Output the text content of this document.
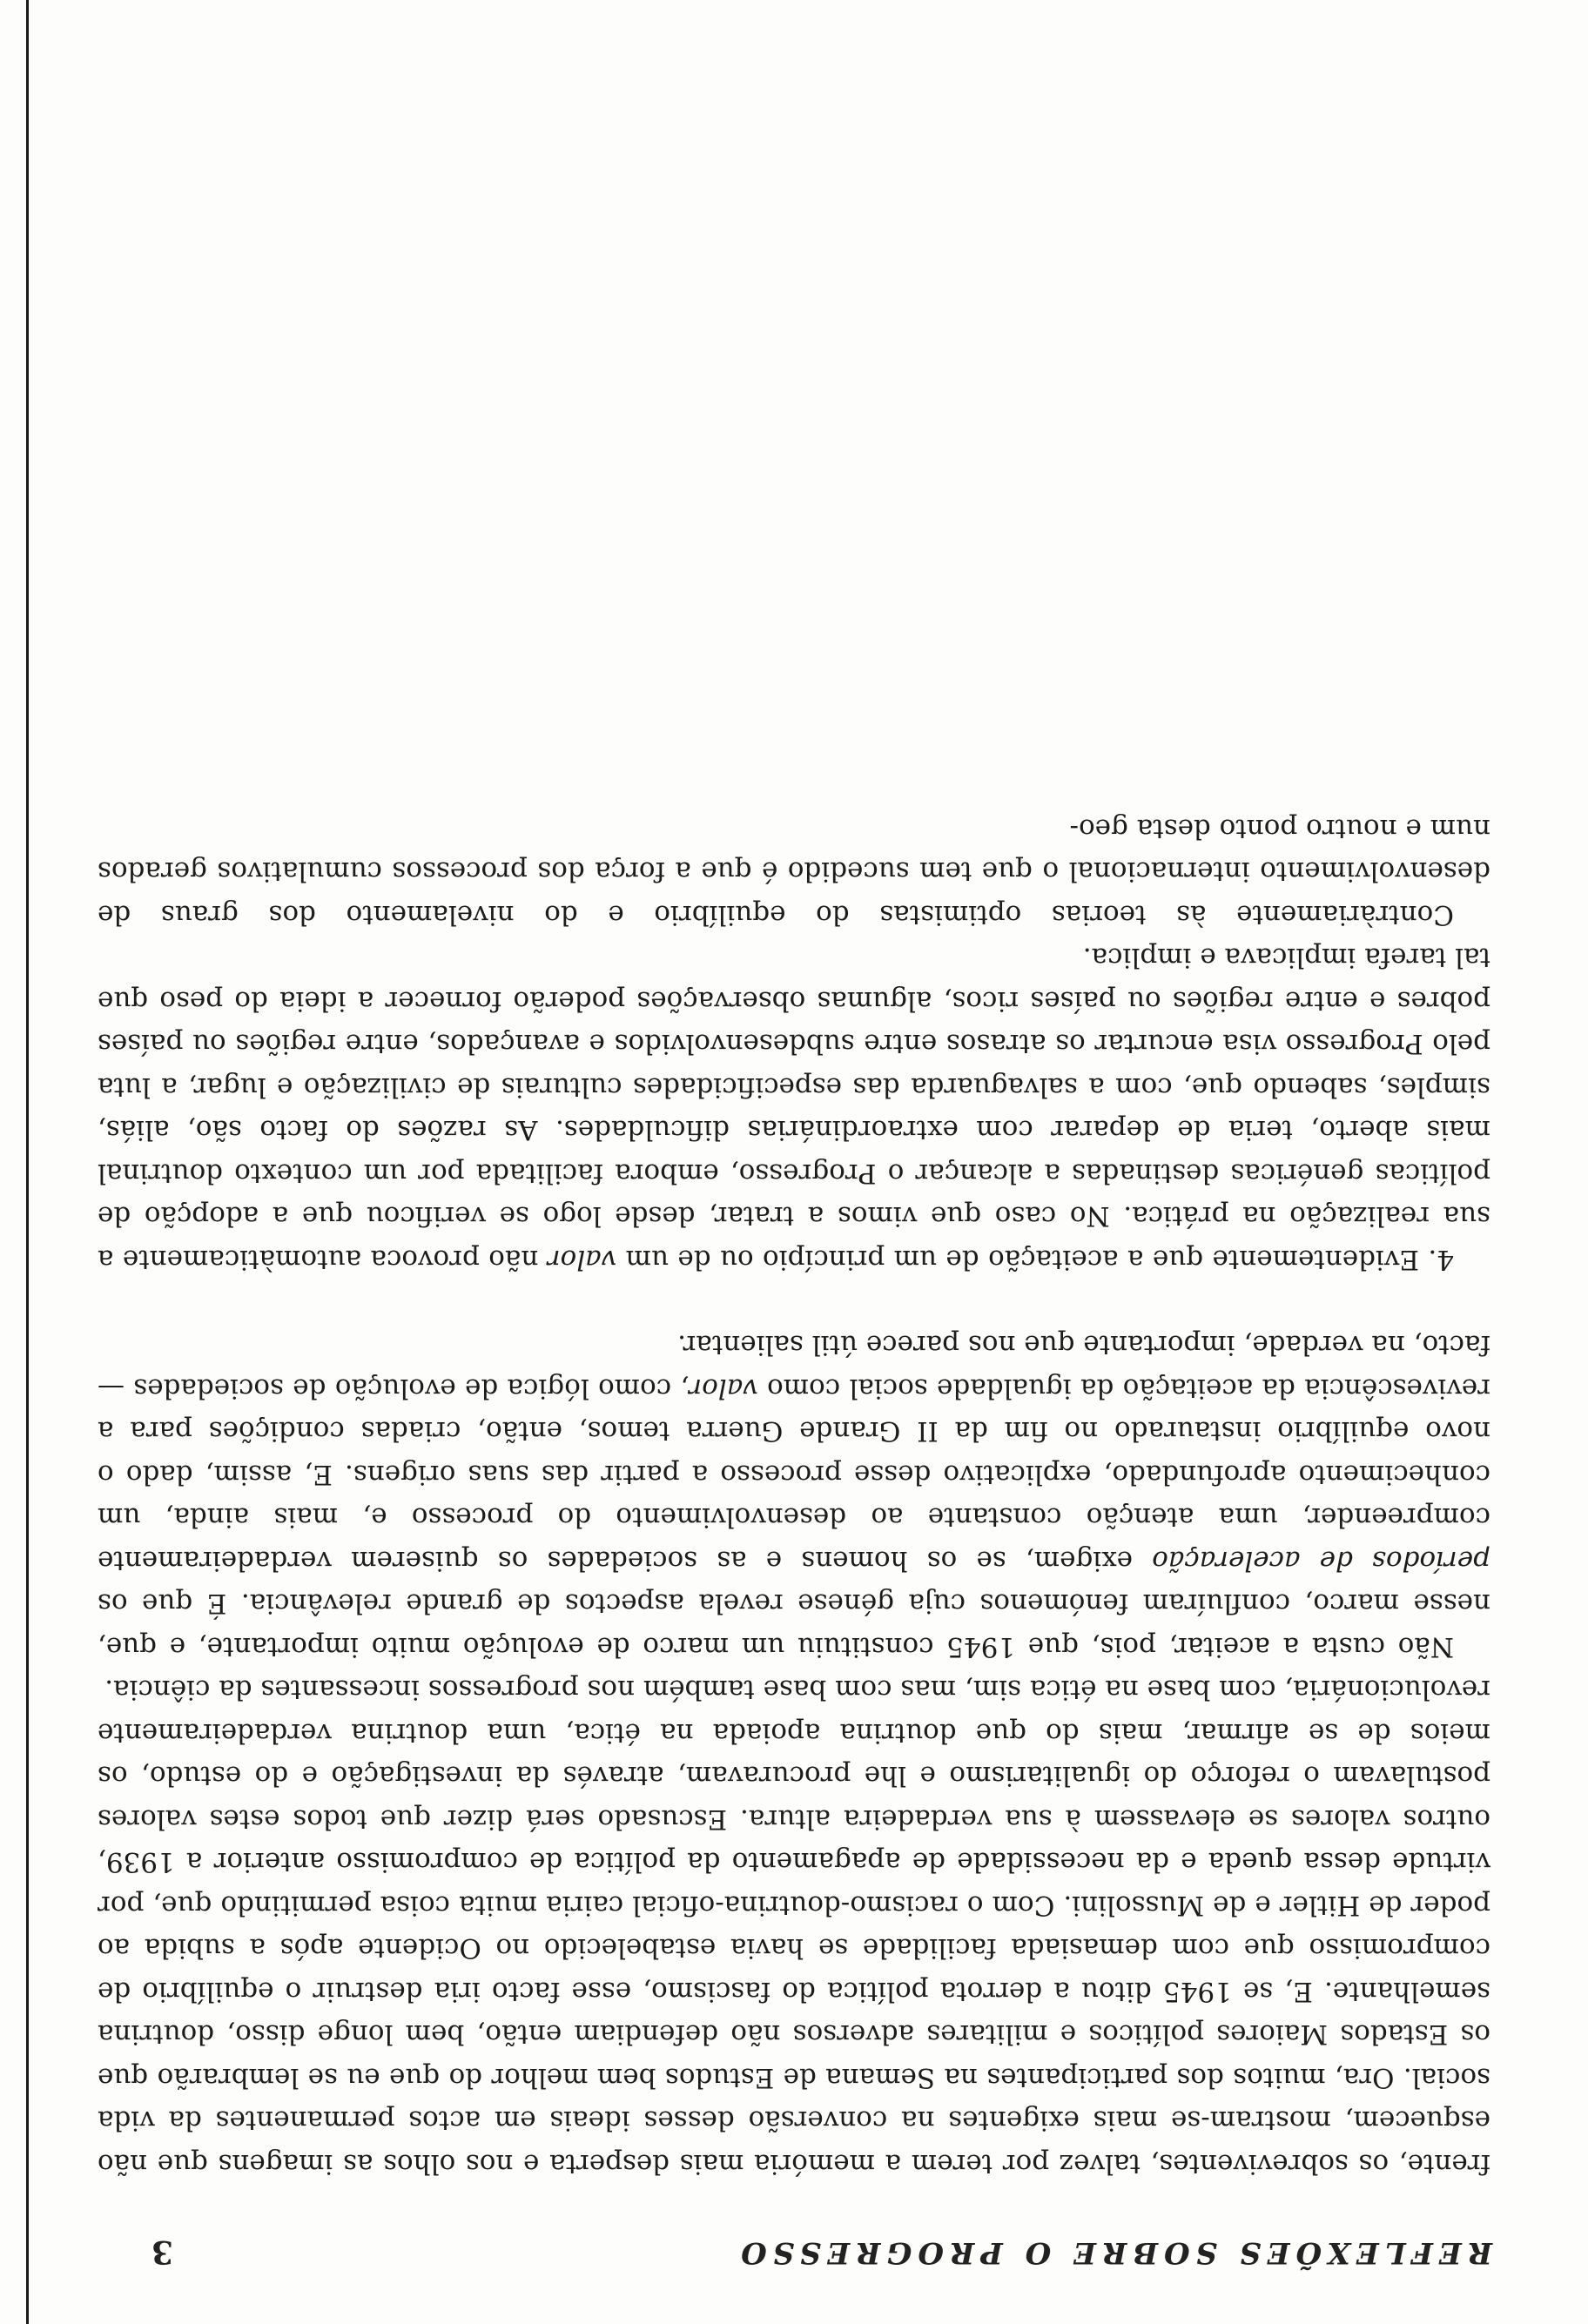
REFLEXÕES SOBRE O PROGRESSO
3

frente, os sobreviventes, talvez por terem a memória mais desperta e nos olhos as imagens que não esquecem, mostram-se mais exigentes na conversão desses ideais em actos permanentes da vida social. Ora, muitos dos participantes na Semana de Estudos bem melhor do que eu se lembrarão que os Estados Maiores políticos e militares adversos não defendiam então, bem longe disso, doutrina semelhante. E, se 1945 ditou a derrota política do fascismo, esse facto iria destruir o equilíbrio de compromisso que com demasiada facilidade se havia estabelecido no Ocidente após a subida ao poder de Hitler e de Mussolini. Com o racismo-doutrina-oficial cairia muita coisa permitindo que, por virtude dessa queda e da necessidade de apagamento da política de compromisso anterior a 1939, outros valores se elevassem à sua verdadeira altura. Escusado será dizer que todos estes valores postulavam o reforço do igualitarismo e lhe procuravam, através da investigação e do estudo, os meios de se afirmar, mais do que doutrina apoiada na ética, uma doutrina verdadeiramente revolucionária, com base na ética sim, mas com base também nos progressos incessantes da ciência.

Não custa a aceitar, pois, que 1945 constituiu um marco de evolução muito importante, e que, nesse marco, confluíram fenómenos cuja génese revela aspectos de grande relevância. É que os períodos de aceleração exigem, se os homens e as sociedades os quiserem verdadeiramente compreender, uma atenção constante ao desenvolvimento do processo e, mais ainda, um conhecimento aprofundado, explicativo desse processo a partir das suas origens. E, assim, dado o novo equilíbrio instaurado no fim da II Grande Guerra temos, então, criadas condições para a revivescência da aceitação da igualdade social como valor, como lógica de evolução de sociedades — facto, na verdade, importante que nos parece útil salientar.

4. Evidentemente que a aceitação de um princípio ou de um valor não provoca automàticamente a sua realização na prática. No caso que vimos a tratar, desde logo se verificou que a adopção de políticas genéricas destinadas a alcançar o Progresso, embora facilitada por um contexto doutrinal mais aberto, teria de deparar com extraordinárias dificuldades. As razões do facto são, aliás, simples, sabendo que, com a salvaguarda das especificidades culturais de civilização e lugar, a luta pelo Progresso visa encurtar os atrasos entre subdesenvolvidos e avançados, entre regiões ou países pobres e entre regiões ou países ricos, algumas observações poderão fornecer a ideia do peso que tal tarefa implicava e implica.

Contràriamente às teorias optimistas do equilíbrio e do nivelamento dos graus de desenvolvimento internacional o que tem sucedido é que a força dos processos cumulativos gerados num e noutro ponto desta geo-
